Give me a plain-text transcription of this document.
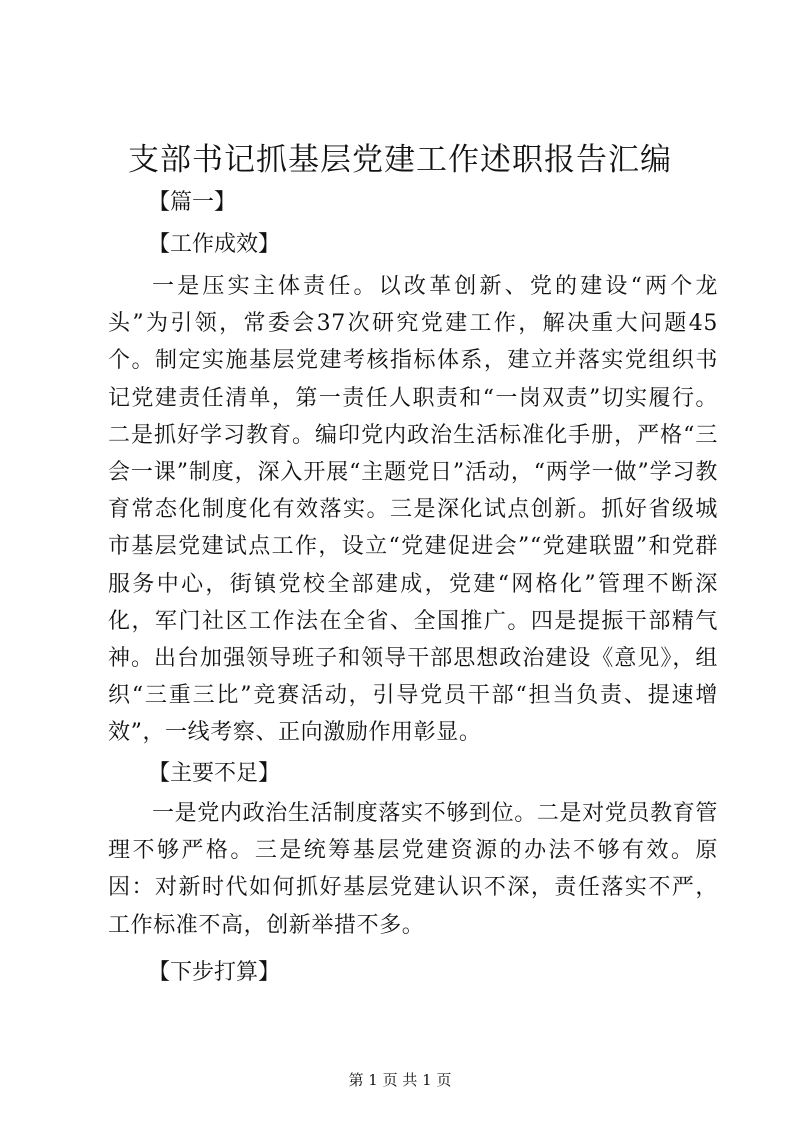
支部书记抓基层党建工作述职报告汇编

【篇一】

【工作成效】

一是压实主体责任。以改革创新、党的建设“两个龙头”为引领，常委会37次研究党建工作，解决重大问题45个。制定实施基层党建考核指标体系，建立并落实党组织书记党建责任清单，第一责任人职责和“一岗双责”切实履行。二是抓好学习教育。编印党内政治生活标准化手册，严格“三会一课”制度，深入开展“主题党日”活动，“两学一做”学习教育常态化制度化有效落实。三是深化试点创新。抓好省级城市基层党建试点工作，设立“党建促进会”“党建联盟”和党群服务中心，街镇党校全部建成，党建“网格化”管理不断深化，军门社区工作法在全省、全国推广。四是提振干部精气神。出台加强领导班子和领导干部思想政治建设《意见》，组织“三重三比”竞赛活动，引导党员干部“担当负责、提速增效”，一线考察、正向激励作用彰显。

【主要不足】

一是党内政治生活制度落实不够到位。二是对党员教育管理不够严格。三是统筹基层党建资源的办法不够有效。原因：对新时代如何抓好基层党建认识不深，责任落实不严，工作标准不高，创新举措不多。

【下步打算】

第 1 页 共 1 页
